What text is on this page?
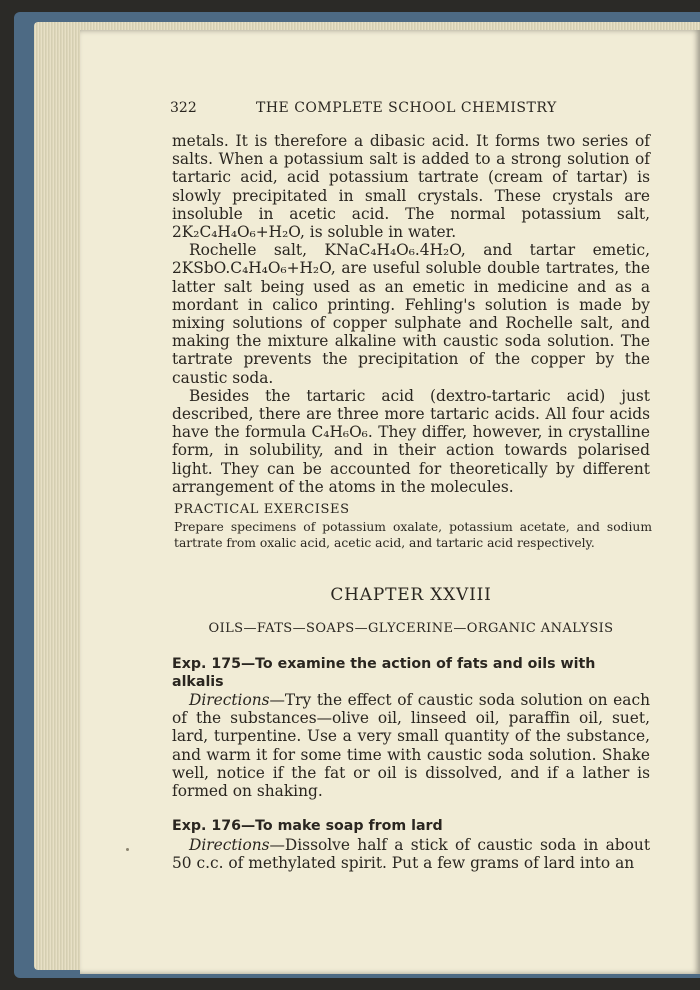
322	THE COMPLETE SCHOOL CHEMISTRY

metals. It is therefore a dibasic acid. It forms two series of salts. When a potassium salt is added to a strong solution of tartaric acid, acid potassium tartrate (cream of tartar) is slowly precipitated in small crystals. These crystals are insoluble in acetic acid. The normal potassium salt, 2K₂C₄H₄O₆+H₂O, is soluble in water.

Rochelle salt, KNaC₄H₄O₆.4H₂O, and tartar emetic, 2KSbO.C₄H₄O₆+H₂O, are useful soluble double tartrates, the latter salt being used as an emetic in medicine and as a mordant in calico printing. Fehling's solution is made by mixing solutions of copper sulphate and Rochelle salt, and making the mixture alkaline with caustic soda solution. The tartrate prevents the precipitation of the copper by the caustic soda.

Besides the tartaric acid (dextro-tartaric acid) just described, there are three more tartaric acids. All four acids have the formula C₄H₆O₆. They differ, however, in crystalline form, in solubility, and in their action towards polarised light. They can be accounted for theoretically by different arrangement of the atoms in the molecules.

PRACTICAL EXERCISES
Prepare specimens of potassium oxalate, potassium acetate, and sodium tartrate from oxalic acid, acetic acid, and tartaric acid respectively.
CHAPTER XXVIII
OILS—FATS—SOAPS—GLYCERINE—ORGANIC ANALYSIS
Exp. 175—To examine the action of fats and oils with alkalis

Directions—Try the effect of caustic soda solution on each of the substances—olive oil, linseed oil, paraffin oil, suet, lard, turpentine. Use a very small quantity of the substance, and warm it for some time with caustic soda solution. Shake well, notice if the fat or oil is dissolved, and if a lather is formed on shaking.

Exp. 176—To make soap from lard

Directions—Dissolve half a stick of caustic soda in about 50 c.c. of methylated spirit. Put a few grams of lard into an
